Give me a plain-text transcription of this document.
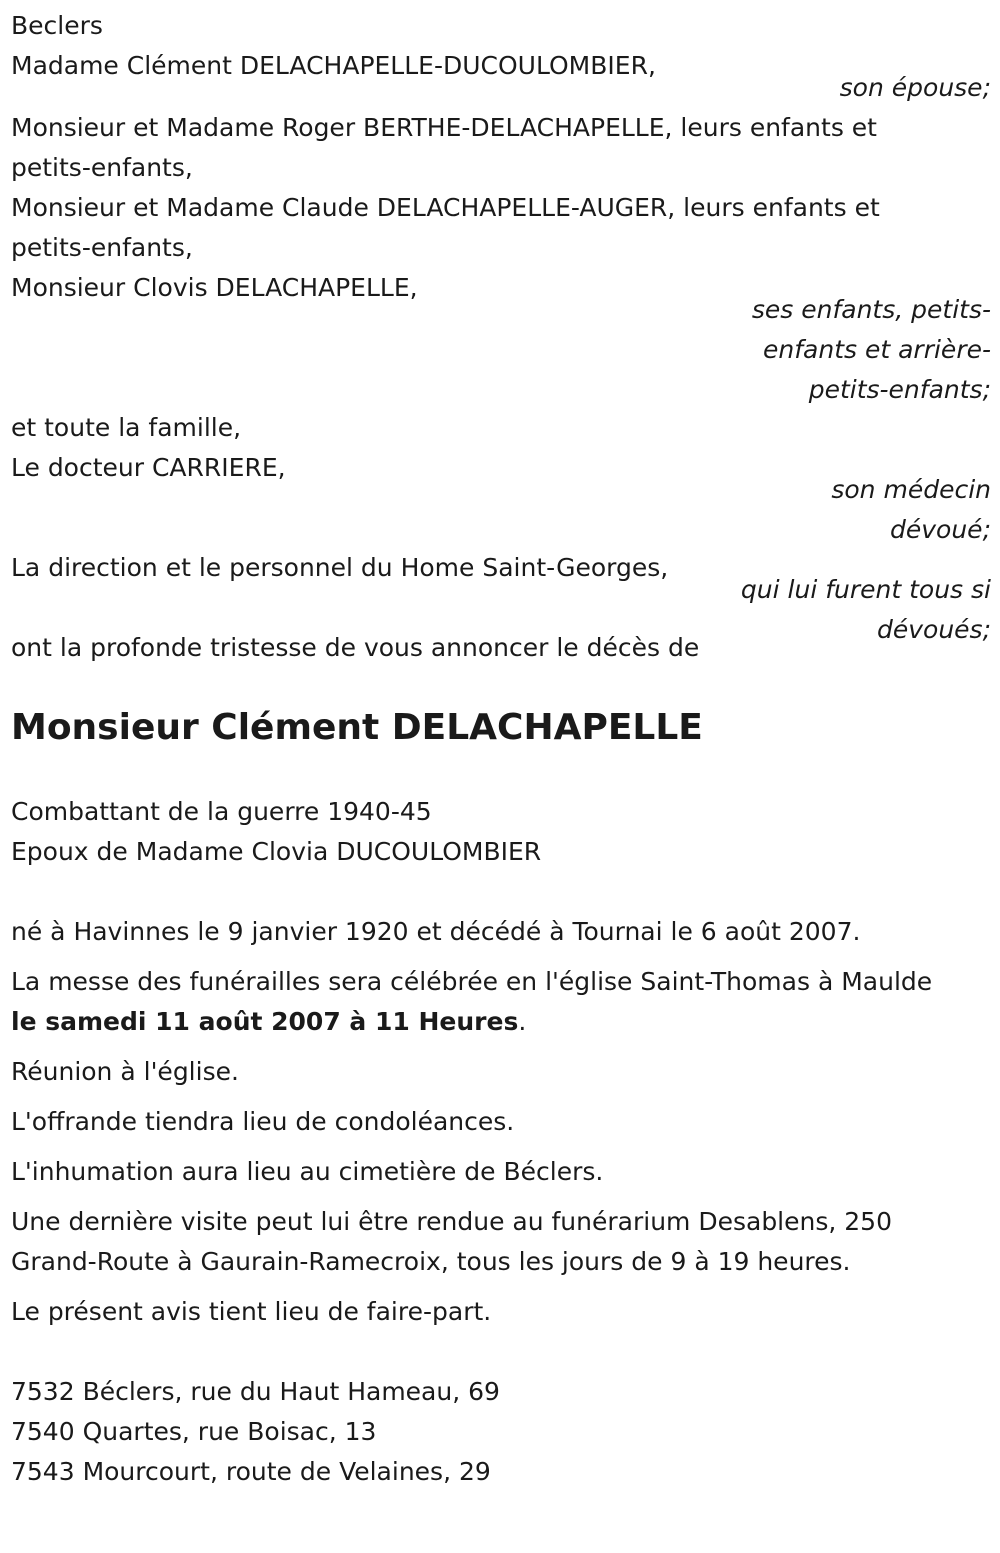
Beclers
Madame Clément DELACHAPELLE-DUCOULOMBIER,
son épouse;
Monsieur et Madame Roger BERTHE-DELACHAPELLE, leurs enfants et
petits-enfants,
Monsieur et Madame Claude DELACHAPELLE-AUGER, leurs enfants et
petits-enfants,
Monsieur Clovis DELACHAPELLE,
ses enfants, petits-
enfants et arrière-
petits-enfants;
et toute la famille,
Le docteur CARRIERE,
son médecin
dévoué;
La direction et le personnel du Home Saint-Georges,
qui lui furent tous si
dévoués;
ont la profonde tristesse de vous annoncer le décès de
Monsieur Clément DELACHAPELLE
Combattant de la guerre 1940-45
Epoux de Madame Clovia DUCOULOMBIER
né à Havinnes le 9 janvier 1920 et décédé à Tournai le 6 août 2007.
La messe des funérailles sera célébrée en l'église Saint-Thomas à Maulde
le samedi 11 août 2007 à 11 Heures.
Réunion à l'église.
L'offrande tiendra lieu de condoléances.
L'inhumation aura lieu au cimetière de Béclers.
Une dernière visite peut lui être rendue au funérarium Desablens, 250
Grand-Route à Gaurain-Ramecroix, tous les jours de 9 à 19 heures.
Le présent avis tient lieu de faire-part.
7532 Béclers, rue du Haut Hameau, 69
7540 Quartes, rue Boisac, 13
7543 Mourcourt, route de Velaines, 29
